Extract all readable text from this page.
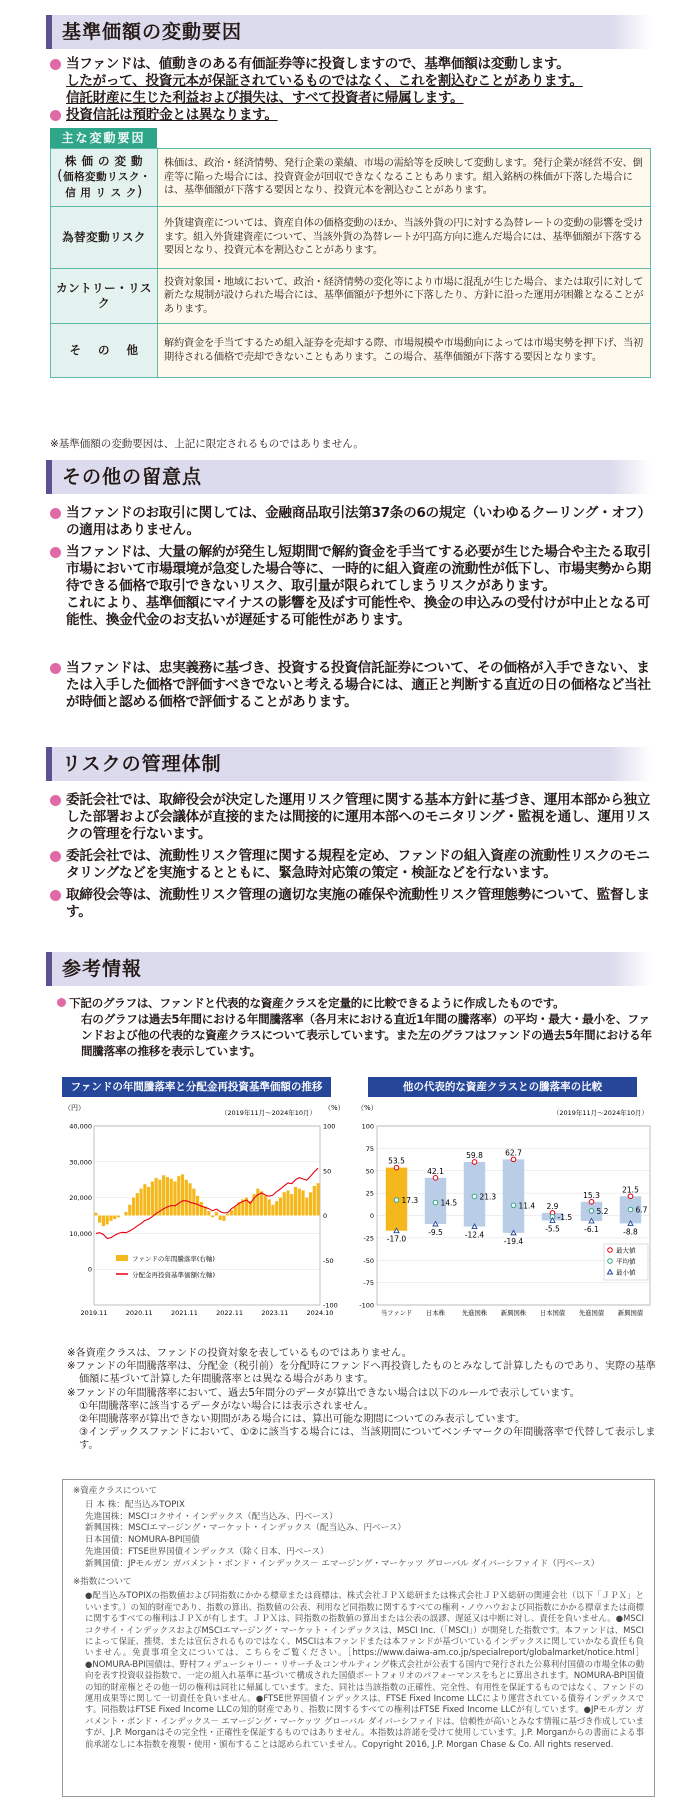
基準価額の変動要因

当ファンドは、値動きのある有価証券等に投資しますので、基準価額は変動します。

したがって、投資元本が保証されているものではなく、これを割込むことがあります。

信託財産に生じた利益および損失は、すべて投資者に帰属します。

投資信託は預貯金とは異なります。

主な変動要因
株 価 の 変 動
(価格変動リスク・
信 用 リ ス ク)	株価は、政治・経済情勢、発行企業の業績、市場の需給等を反映して変動します。発行企業が経営不安、倒産等に陥った場合には、投資資金が回収できなくなることもあります。組入銘柄の株価が下落した場合には、基準価額が下落する要因となり、投資元本を割込むことがあります。
為替変動リスク	外貨建資産については、資産自体の価格変動のほか、当該外貨の円に対する為替レートの変動の影響を受けます。組入外貨建資産について、当該外貨の為替レートが円高方向に進んだ場合には、基準価額が下落する要因となり、投資元本を割込むことがあります。
カントリー・リスク	投資対象国・地域において、政治・経済情勢の変化等により市場に混乱が生じた場合、または取引に対して新たな規制が設けられた場合には、基準価額が予想外に下落したり、方針に沿った運用が困難となることがあります。
そ　 の　 他	解約資金を手当てするため組入証券を売却する際、市場規模や市場動向によっては市場実勢を押下げ、当初期待される価格で売却できないこともあります。この場合、基準価額が下落する要因となります。
※基準価額の変動要因は、上記に限定されるものではありません。
その他の留意点

当ファンドのお取引に関しては、金融商品取引法第37条の6の規定（いわゆるクーリング・オフ）の適用はありません。

当ファンドは、大量の解約が発生し短期間で解約資金を手当てする必要が生じた場合や主たる取引市場において市場環境が急変した場合等に、一時的に組入資産の流動性が低下し、市場実勢から期待できる価格で取引できないリスク、取引量が限られてしまうリスクがあります。

これにより、基準価額にマイナスの影響を及ぼす可能性や、換金の申込みの受付けが中止となる可能性、換金代金のお支払いが遅延する可能性があります。

当ファンドは、忠実義務に基づき、投資する投資信託証券について、その価格が入手できない、または入手した価格で評価すべきでないと考える場合には、適正と判断する直近の日の価格など当社が時価と認める価格で評価することがあります。

リスクの管理体制

委託会社では、取締役会が決定した運用リスク管理に関する基本方針に基づき、運用本部から独立した部署および会議体が直接的または間接的に運用本部へのモニタリング・監視を通し、運用リスクの管理を行ないます。

委託会社では、流動性リスク管理に関する規程を定め、ファンドの組入資産の流動性リスクのモニタリングなどを実施するとともに、緊急時対応策の策定・検証などを行ないます。

取締役会等は、流動性リスク管理の適切な実施の確保や流動性リスク管理態勢について、監督します。

参考情報

下記のグラフは、ファンドと代表的な資産クラスを定量的に比較できるように作成したものです。

右のグラフは過去5年間における年間騰落率（各月末における直近1年間の騰落率）の平均・最大・最小を、ファンドおよび他の代表的な資産クラスについて表示しています。また左のグラフはファンドの過去5年間における年間騰落率の推移を表示しています。

ファンドの年間騰落率と分配金再投資基準価額の推移
（円）	（%）
（2019年11月～2024年10月）
0
10,000
20,000
30,000
40,000
-100
-50
0
50
100
2019.11	2020.11	2021.11	2022.11	2023.11	2024.10
ファンドの年間騰落率(右軸)
分配金再投資基準価額(左軸)
他の代表的な資産クラスとの騰落率の比較
（%）
（2019年11月～2024年10月）
-100
-75
-50
-25
0
25
50
75
100
53.5
17.3
-17.0
当ファンド
42.1
14.5
-9.5
日本株
59.8
21.3
-12.4
先進国株
62.7
11.4
-19.4
新興国株
2.9
-1.5
-5.5
日本国債
15.3
5.2
-6.1
先進国債
21.5
6.7
-8.8
新興国債
最大値
平均値
最小値

※各資産クラスは、ファンドの投資対象を表しているものではありません。

※ファンドの年間騰落率は、分配金（税引前）を分配時にファンドへ再投資したものとみなして計算したものであり、実際の基準価額に基づいて計算した年間騰落率とは異なる場合があります。

※ファンドの年間騰落率において、過去5年間分のデータが算出できない場合は以下のルールで表示しています。

①年間騰落率に該当するデータがない場合には表示されません。

②年間騰落率が算出できない期間がある場合には、算出可能な期間についてのみ表示しています。

③インデックスファンドにおいて、①②に該当する場合には、当該期間についてベンチマークの年間騰落率で代替して表示します。

※資産クラスについて

日 本 株：配当込みTOPIX

先進国株：MSCIコクサイ・インデックス（配当込み、円ベース）

新興国株：MSCIエマージング・マーケット・インデックス（配当込み、円ベース）

日本国債：NOMURA-BPI国債

先進国債：FTSE世界国債インデックス（除く日本、円ベース）

新興国債：JPモルガン ガバメント・ボンド・インデックス－ エマージング・マーケッツ グローバル ダイバーシファイド（円ベース）

※指数について

●配当込みTOPIXの指数値および同指数にかかる標章または商標は、株式会社ＪＰＸ総研または株式会社ＪＰＸ総研の関連会社（以下「ＪＰＸ」といいます。）の知的財産であり、指数の算出、指数値の公表、利用など同指数に関するすべての権利・ノウハウおよび同指数にかかる標章または商標に関するすべての権利はＪＰＸが有します。ＪＰＸは、同指数の指数値の算出または公表の誤謬、遅延又は中断に対し、責任を負いません。●MSCIコクサイ・インデックスおよびMSCIエマージング・マーケット・インデックスは、MSCI Inc.（「MSCI」）が開発した指数です。本ファンドは、MSCIによって保証、推奨、または宣伝されるものではなく、MSCIは本ファンドまたは本ファンドが基づいているインデックスに関していかなる責任も負いません。免責事項全文については、こちらをご覧ください。［https://www.daiwa-am.co.jp/specialreport/globalmarket/notice.html］●NOMURA-BPI国債は、野村フィデューシャリー・リサーチ＆コンサルティング株式会社が公表する国内で発行された公募利付国債の市場全体の動向を表す投資収益指数で、一定の組入れ基準に基づいて構成された国債ポートフォリオのパフォーマンスをもとに算出されます。NOMURA-BPI国債の知的財産権とその他一切の権利は同社に帰属しています。また、同社は当該指数の正確性、完全性、有用性を保証するものではなく、ファンドの運用成果等に関して一切責任を負いません。●FTSE世界国債インデックスは、FTSE Fixed Income LLCにより運営されている債券インデックスです。同指数はFTSE Fixed Income LLCの知的財産であり、指数に関するすべての権利はFTSE Fixed Income LLCが有しています。●JPモルガン ガバメント・ボンド・インデックス－ エマージング・マーケッツ グローバル ダイバーシファイドは、信頼性が高いとみなす情報に基づき作成していますが、J.P. Morganはその完全性・正確性を保証するものではありません。本指数は許諾を受けて使用しています。J.P. Morganからの書面による事前承諾なしに本指数を複製・使用・頒布することは認められていません。Copyright 2016, J.P. Morgan Chase & Co. All rights reserved.
